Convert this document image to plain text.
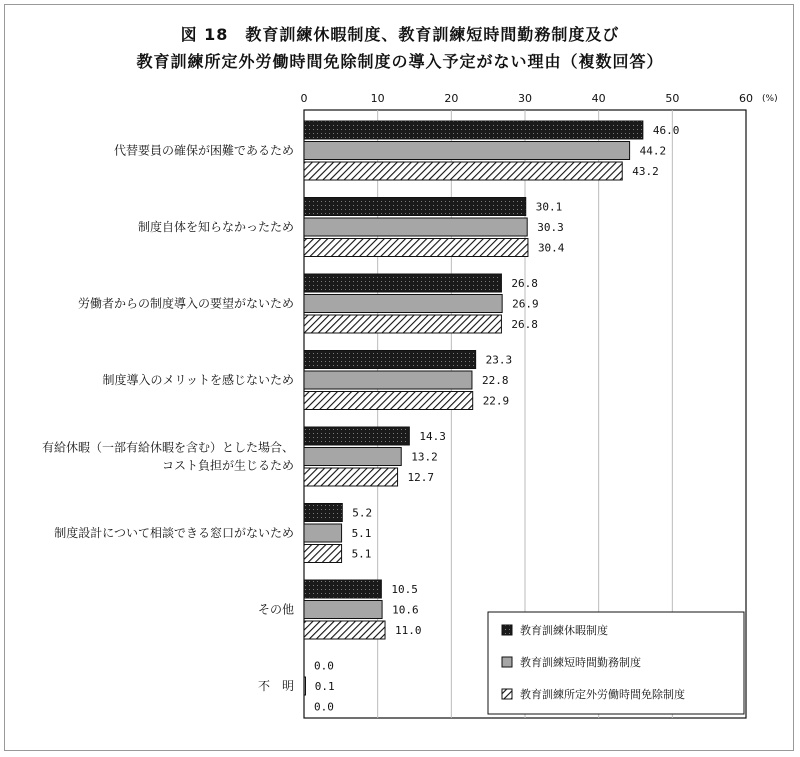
図 18　教育訓練休暇制度、教育訓練短時間勤務制度及び
教育訓練所定外労働時間免除制度の導入予定がない理由（複数回答）
0	10	20	30	40	50	60 (%)
46.0
44.2
43.2
代替要員の確保が困難であるため
30.1
30.3
30.4
制度自体を知らなかったため
26.8
26.9
26.8
労働者からの制度導入の要望がないため
23.3
22.8
22.9
制度導入のメリットを感じないため
14.3
13.2
12.7
有給休暇（一部有給休暇を含む）とした場合、
コスト負担が生じるため
5.2
5.1
5.1
制度設計について相談できる窓口がないため
10.5
10.6
11.0
その他
0.0
0.1
0.0
不　明
教育訓練休暇制度
教育訓練短時間勤務制度
教育訓練所定外労働時間免除制度
